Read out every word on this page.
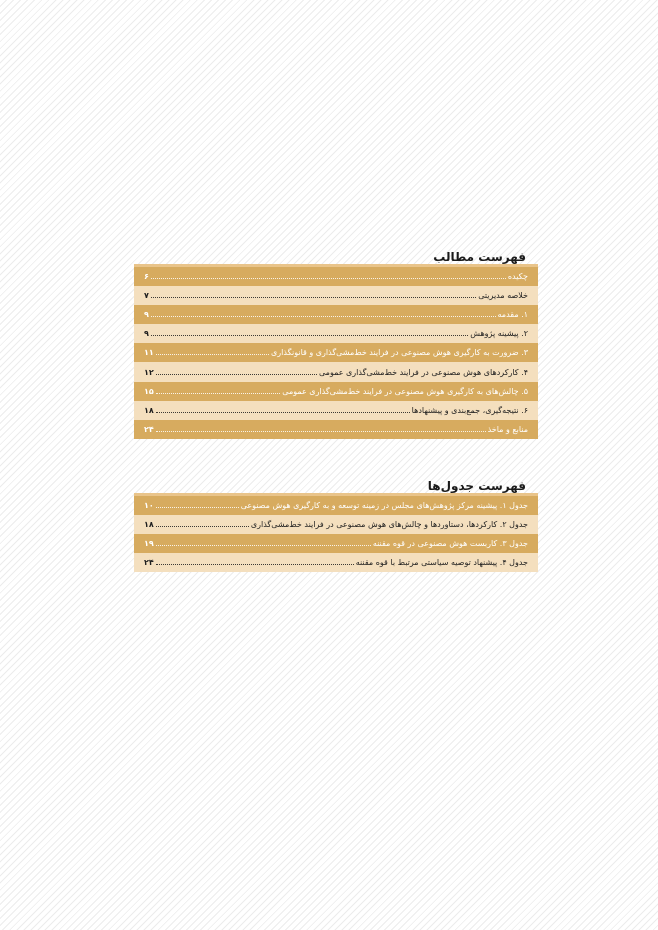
فهرست مطالب
چکیده
۶
خلاصه مدیریتی
۷
۱. مقدمه
۹
۲. پیشینه پژوهش
۹
۳. ضرورت به کارگیری هوش مصنوعی در فرایند خط‌مشی‌گذاری و قانونگذاری
۱۱
۴. کارکردهای هوش مصنوعی در فرایند خط‌مشی‌گذاری عمومی
۱۲
۵. چالش‌های به کارگیری هوش مصنوعی در فرایند خط‌مشی‌گذاری عمومی
۱۵
۶. نتیجه‌گیری، جمع‌بندی و پیشنهادها
۱۸
منابع و ماخذ
۲۴
فهرست جدول‌ها
جدول ۱. پیشینه مرکز پژوهش‌های مجلس در زمینه توسعه و به کارگیری هوش مصنوعی
۱۰
جدول ۲. کارکردها، دستاوردها و چالش‌های هوش مصنوعی در فرایند خط‌مشی‌گذاری
۱۸
جدول ۳. کاربست هوش مصنوعی در قوه مقننه
۱۹
جدول ۴. پیشنهاد توصیه سیاستی مرتبط با قوه مقننه
۲۴
